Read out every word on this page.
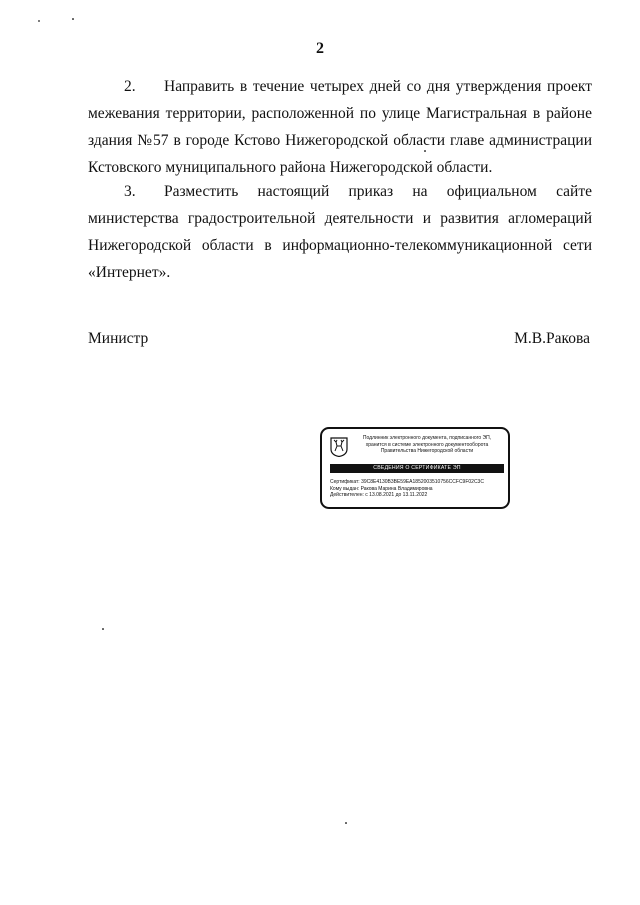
2

2. Направить в течение четырех дней со дня утверждения проект межевания территории, расположенной по улице Магистральная в районе здания №57 в городе Кстово Нижегородской области главе администрации Кстовского муниципального района Нижегородской области.

3. Разместить настоящий приказ на официальном сайте министерства градостроительной деятельности и развития агломераций Нижегородской области в информационно-телекоммуникационной сети «Интернет».

Министр	М.В.Ракова
Подлинник электронного документа, подписанного ЭП,
хранится в системе электронного документооборота
Правительства Нижегородской области
СВЕДЕНИЯ О СЕРТИФИКАТЕ ЭП
Сертификат: 39C8E4130B3BE59EA1852003510756CCFC9F02C3C
Кому выдан: Ракова Марина Владимировна
Действителен: с 13.08.2021 до 13.11.2022
